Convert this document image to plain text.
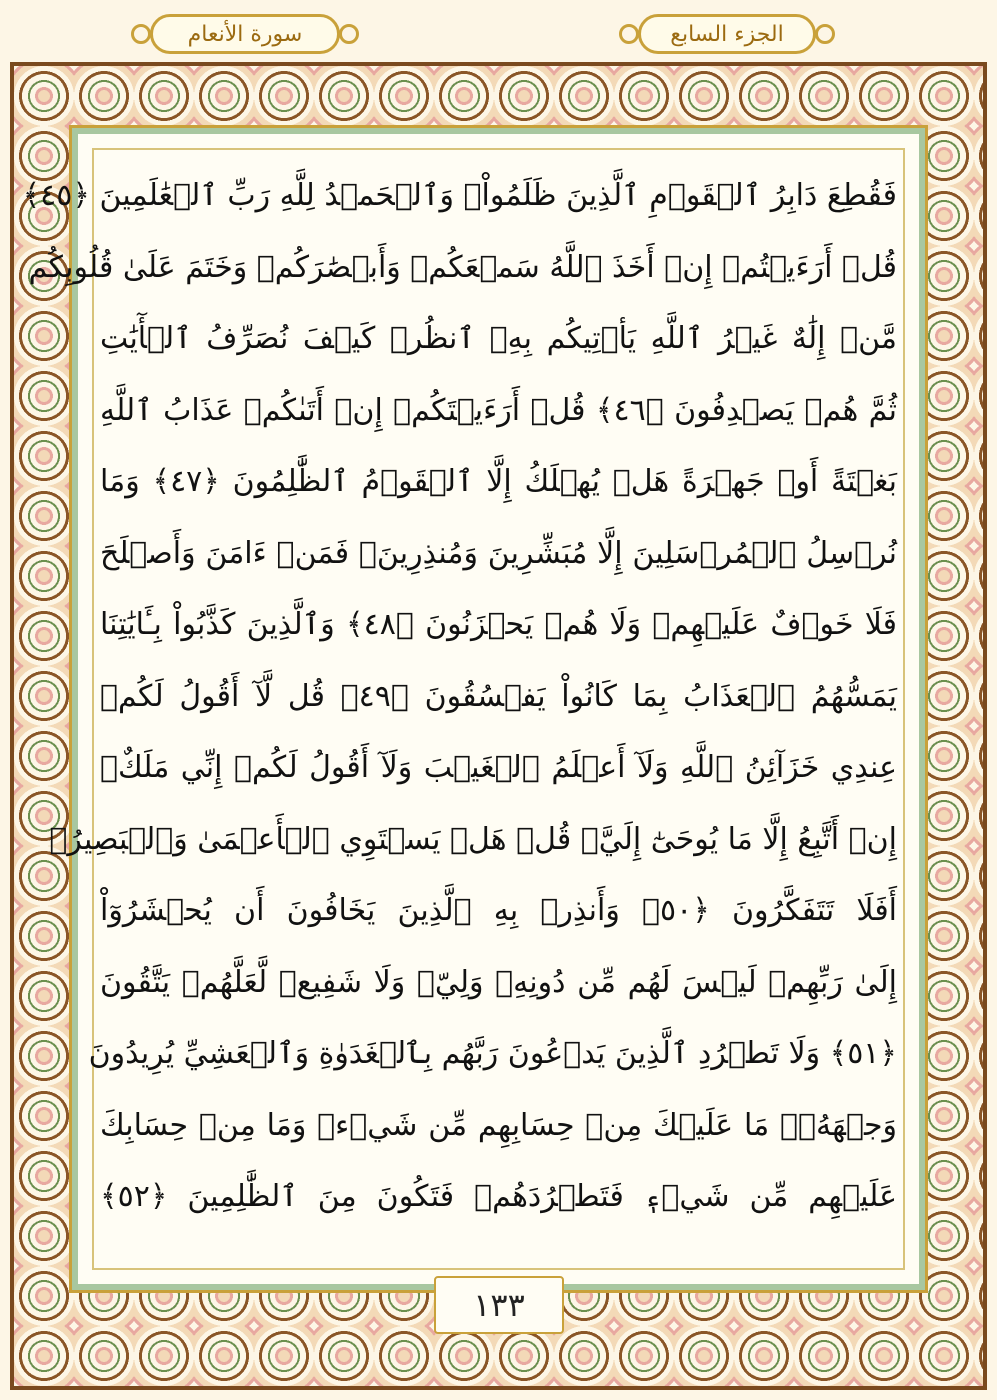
سورة الأنعام	الجزء السابع
فَقُطِعَ دَابِرُ ٱلۡقَوۡمِ ٱلَّذِينَ ظَلَمُواْۚ وَٱلۡحَمۡدُ لِلَّهِ رَبِّ ٱلۡعَٰلَمِينَ ﴿٤٥﴾
قُلۡ أَرَءَيۡتُمۡ إِنۡ أَخَذَ ٱللَّهُ سَمۡعَكُمۡ وَأَبۡصَٰرَكُمۡ وَخَتَمَ عَلَىٰ قُلُوبِكُم
مَّنۡ إِلَٰهٌ غَيۡرُ ٱللَّهِ يَأۡتِيكُم بِهِۗ ٱنظُرۡ كَيۡفَ نُصَرِّفُ ٱلۡأٓيَٰتِ
ثُمَّ هُمۡ يَصۡدِفُونَ ﴿٤٦﴾ قُلۡ أَرَءَيۡتَكُمۡ إِنۡ أَتَىٰكُمۡ عَذَابُ ٱللَّهِ
بَغۡتَةً أَوۡ جَهۡرَةً هَلۡ يُهۡلَكُ إِلَّا ٱلۡقَوۡمُ ٱلظَّٰلِمُونَ ﴿٤٧﴾ وَمَا
نُرۡسِلُ ٱلۡمُرۡسَلِينَ إِلَّا مُبَشِّرِينَ وَمُنذِرِينَۖ فَمَنۡ ءَامَنَ وَأَصۡلَحَ
فَلَا خَوۡفٌ عَلَيۡهِمۡ وَلَا هُمۡ يَحۡزَنُونَ ﴿٤٨﴾ وَٱلَّذِينَ كَذَّبُواْ بِـَٔايَٰتِنَا
يَمَسُّهُمُ ٱلۡعَذَابُ بِمَا كَانُواْ يَفۡسُقُونَ ﴿٤٩﴾ قُل لَّآ أَقُولُ لَكُمۡ
عِندِي خَزَآئِنُ ٱللَّهِ وَلَآ أَعۡلَمُ ٱلۡغَيۡبَ وَلَآ أَقُولُ لَكُمۡ إِنِّي مَلَكٌۖ
إِنۡ أَتَّبِعُ إِلَّا مَا يُوحَىٰٓ إِلَيَّۚ قُلۡ هَلۡ يَسۡتَوِي ٱلۡأَعۡمَىٰ وَٱلۡبَصِيرُۚ
أَفَلَا تَتَفَكَّرُونَ ﴿٥٠﴾ وَأَنذِرۡ بِهِ ٱلَّذِينَ يَخَافُونَ أَن يُحۡشَرُوٓاْ
إِلَىٰ رَبِّهِمۡ لَيۡسَ لَهُم مِّن دُونِهِۦ وَلِيّٞ وَلَا شَفِيعٞ لَّعَلَّهُمۡ يَتَّقُونَ
﴿٥١﴾ وَلَا تَطۡرُدِ ٱلَّذِينَ يَدۡعُونَ رَبَّهُم بِٱلۡغَدَوٰةِ وَٱلۡعَشِيِّ يُرِيدُونَ
وَجۡهَهُۥۖ مَا عَلَيۡكَ مِنۡ حِسَابِهِم مِّن شَيۡءٖ وَمَا مِنۡ حِسَابِكَ
عَلَيۡهِم مِّن شَيۡءٖ فَتَطۡرُدَهُمۡ فَتَكُونَ مِنَ ٱلظَّٰلِمِينَ ﴿٥٢﴾
١٣٣
